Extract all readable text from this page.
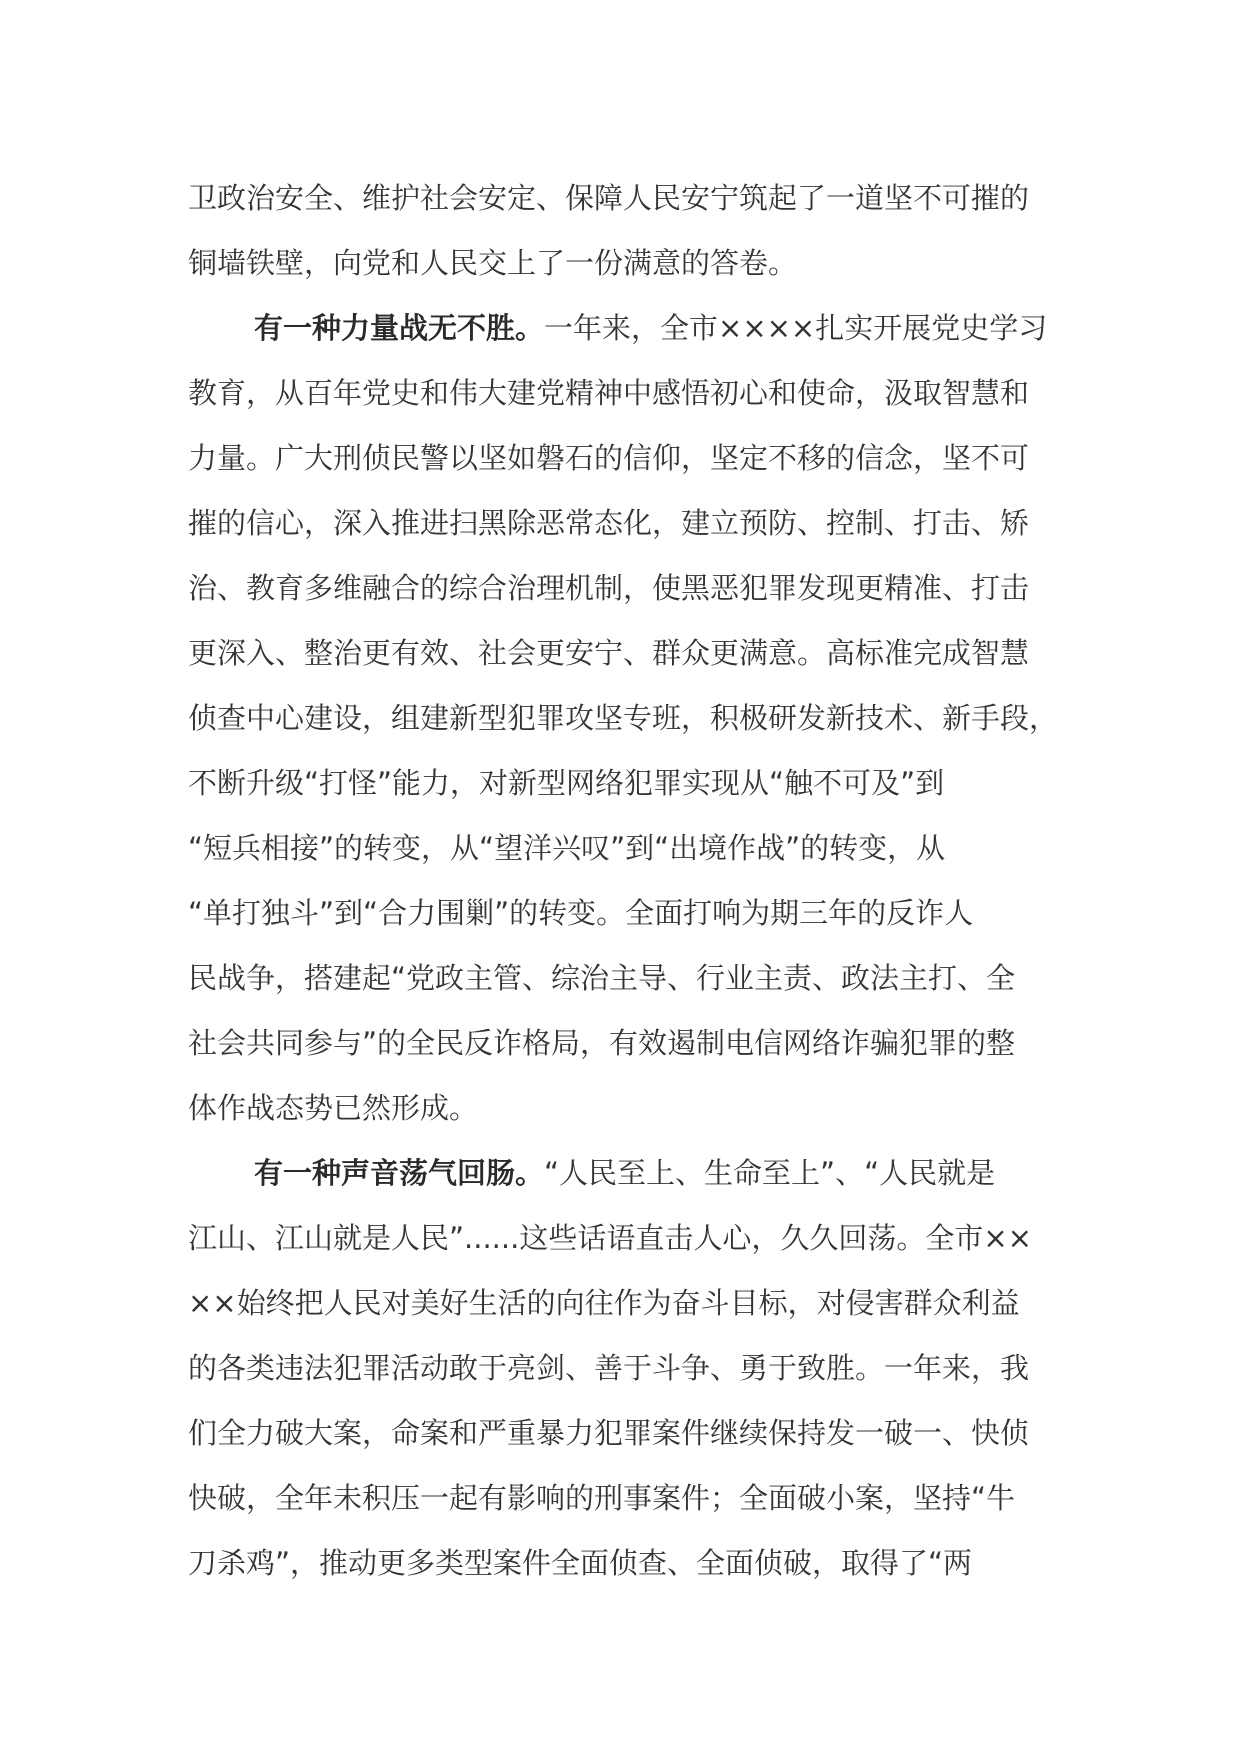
卫政治安全、维护社会安定、保障人民安宁筑起了一道坚不可摧的
铜墙铁壁，向党和人民交上了一份满意的答卷。
有一种力量战无不胜。一年来，全市××××扎实开展党史学习
教育，从百年党史和伟大建党精神中感悟初心和使命，汲取智慧和
力量。广大刑侦民警以坚如磐石的信仰，坚定不移的信念，坚不可
摧的信心，深入推进扫黑除恶常态化，建立预防、控制、打击、矫
治、教育多维融合的综合治理机制，使黑恶犯罪发现更精准、打击
更深入、整治更有效、社会更安宁、群众更满意。高标准完成智慧
侦查中心建设，组建新型犯罪攻坚专班，积极研发新技术、新手段，
不断升级“打怪”能力，对新型网络犯罪实现从“触不可及”到
“短兵相接”的转变，从“望洋兴叹”到“出境作战”的转变，从
“单打独斗”到“合力围剿”的转变。全面打响为期三年的反诈人
民战争，搭建起“党政主管、综治主导、行业主责、政法主打、全
社会共同参与”的全民反诈格局，有效遏制电信网络诈骗犯罪的整
体作战态势已然形成。
有一种声音荡气回肠。“人民至上、生命至上”、“人民就是
江山、江山就是人民”......这些话语直击人心，久久回荡。全市××
××始终把人民对美好生活的向往作为奋斗目标，对侵害群众利益
的各类违法犯罪活动敢于亮剑、善于斗争、勇于致胜。一年来，我
们全力破大案，命案和严重暴力犯罪案件继续保持发一破一、快侦
快破，全年未积压一起有影响的刑事案件；全面破小案，坚持“牛
刀杀鸡”，推动更多类型案件全面侦查、全面侦破，取得了“两
